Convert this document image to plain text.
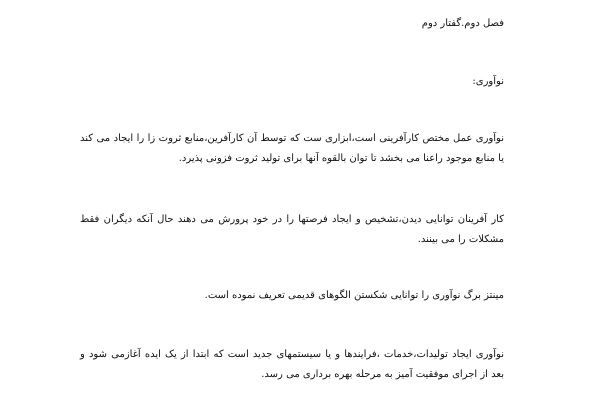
فصل دوم.گفتار دوم
نوآوری:
نوآوری عمل مختص کارآفرینی است،ابزاری ست که توسط آن کارآفرین،منابع ثروت زا را ایجاد می کند یا منابع موجود راعنا می بخشد تا توان بالقوه آنها برای تولید ثروت فزونی پذیرد.
کار آفرینان توانایی دیدن،تشخیص و ایجاد فرصتها را در خود پرورش می دهند حال آنکه دیگران فقط مشکلات را می بینند.
مینتز برگ نوآوری را توانایی شکستن الگوهای قدیمی تعریف نموده است.
نوآوری ایجاد تولیدات،خدمات ،فرایندها و یا سیستمهای جدید است که ابتدا از یک ایده آغازمی شود و بعد از اجرای موفقیت آمیز به مرحله بهره برداری می رسد.
